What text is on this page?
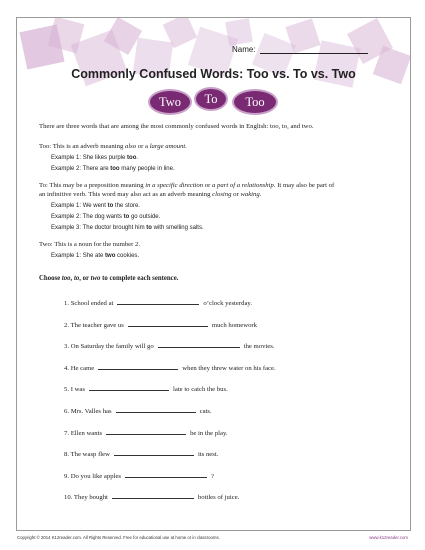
Name:
Commonly Confused Words: Too vs. To vs. Two
Two	To	Too
There are three words that are among the most commonly confused words in English: too, to, and two.
Too: This is an adverb meaning also or a large amount.
Example 1: She likes purple too.
Example 2: There are too many people in line.
To: This may be a preposition meaning in a specific direction or a part of a relationship. It may also be part of
an infinitive verb. This word may also act as an adverb meaning closing or waking.
Example 1: We went to the store.
Example 2: The dog wants to go outside.
Example 3: The doctor brought him to with smelling salts.
Two: This is a noun for the number 2.
Example 1: She ate two cookies.
Choose too, to, or two to complete each sentence.
1. School ended at	o’clock yesterday.
2. The teacher gave us	much homework
3. On Saturday the family will go	the movies.
4. He came	when they threw water on his face.
5. I was	late to catch the bus.
6. Mrs. Valles has	cats.
7. Ellen wants	be in the play.
8. The wasp flew	its nest.
9. Do you like apples	?
10. They bought	bottles of juice.
Copyright © 2014 K12reader.com. All Rights Reserved. Free for educational use at home or in classrooms.	www.k12reader.com
